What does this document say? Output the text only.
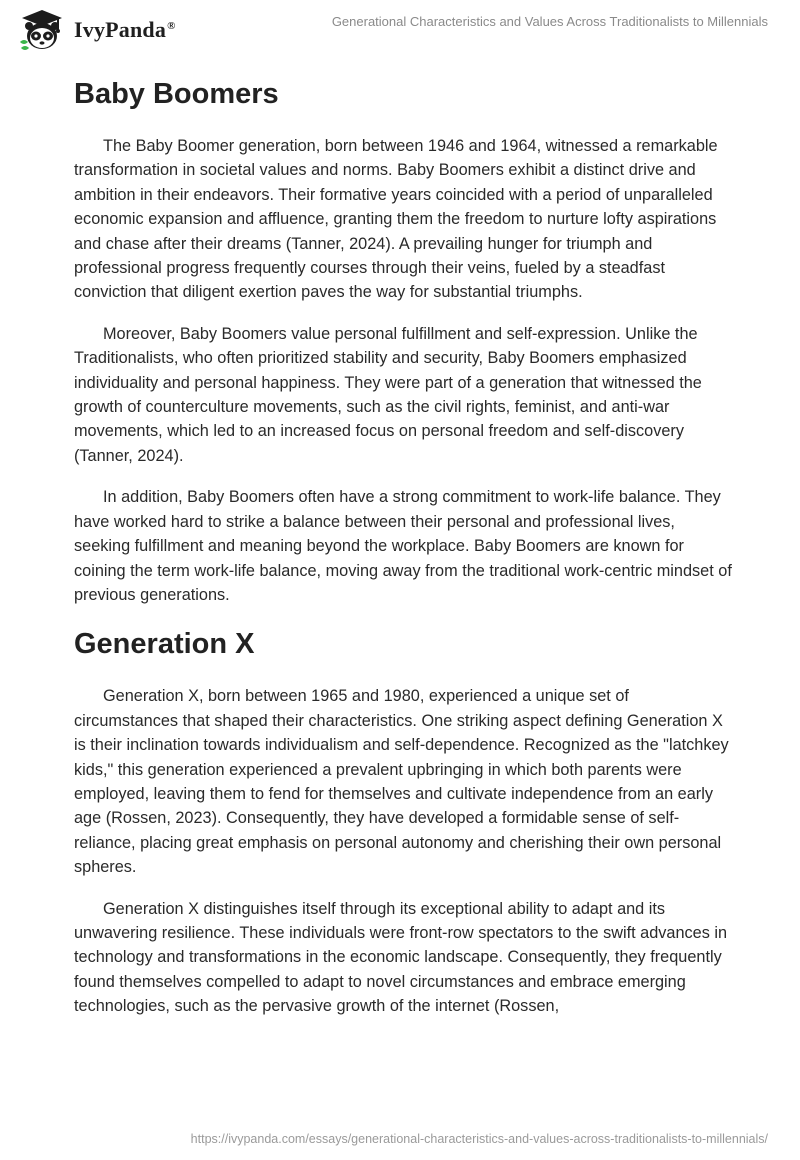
IvyPanda®	Generational Characteristics and Values Across Traditionalists to Millennials
Baby Boomers

The Baby Boomer generation, born between 1946 and 1964, witnessed a remarkable transformation in societal values and norms. Baby Boomers exhibit a distinct drive and ambition in their endeavors. Their formative years coincided with a period of unparalleled economic expansion and affluence, granting them the freedom to nurture lofty aspirations and chase after their dreams (Tanner, 2024). A prevailing hunger for triumph and professional progress frequently courses through their veins, fueled by a steadfast conviction that diligent exertion paves the way for substantial triumphs.

Moreover, Baby Boomers value personal fulfillment and self-expression. Unlike the Traditionalists, who often prioritized stability and security, Baby Boomers emphasized individuality and personal happiness. They were part of a generation that witnessed the growth of counterculture movements, such as the civil rights, feminist, and anti-war movements, which led to an increased focus on personal freedom and self-discovery (Tanner, 2024).

In addition, Baby Boomers often have a strong commitment to work-life balance. They have worked hard to strike a balance between their personal and professional lives, seeking fulfillment and meaning beyond the workplace. Baby Boomers are known for coining the term work-life balance, moving away from the traditional work-centric mindset of previous generations.

Generation X

Generation X, born between 1965 and 1980, experienced a unique set of circumstances that shaped their characteristics. One striking aspect defining Generation X is their inclination towards individualism and self-dependence. Recognized as the "latchkey kids," this generation experienced a prevalent upbringing in which both parents were employed, leaving them to fend for themselves and cultivate independence from an early age (Rossen, 2023). Consequently, they have developed a formidable sense of self-reliance, placing great emphasis on personal autonomy and cherishing their own personal spheres.

Generation X distinguishes itself through its exceptional ability to adapt and its unwavering resilience. These individuals were front-row spectators to the swift advances in technology and transformations in the economic landscape. Consequently, they frequently found themselves compelled to adapt to novel circumstances and embrace emerging technologies, such as the pervasive growth of the internet (Rossen,

https://ivypanda.com/essays/generational-characteristics-and-values-across-traditionalists-to-millennials/
